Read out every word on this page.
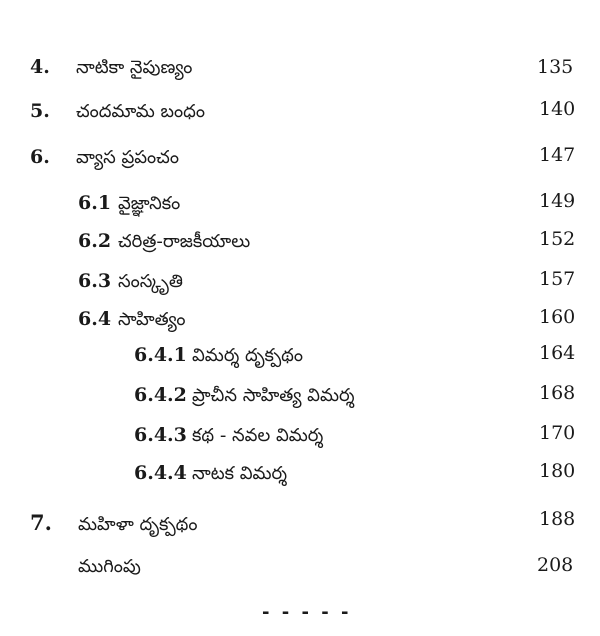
4.	నాటికా నైపుణ్యం	135
5.	చందమామ బంధం	140
6.	వ్యాస ప్రపంచం	147
6.1 వైజ్ఞానికం	149
6.2 చరిత్ర-రాజకీయాలు	152
6.3 సంస్కృతి	157
6.4 సాహిత్యం	160
6.4.1 విమర్శ దృక్పథం	164
6.4.2 ప్రాచీన సాహిత్య విమర్శ	168
6.4.3 కథ - నవల విమర్శ	170
6.4.4 నాటక విమర్శ	180
7.	మహిళా దృక్పథం	188
ముగింపు	208
- - - - -
